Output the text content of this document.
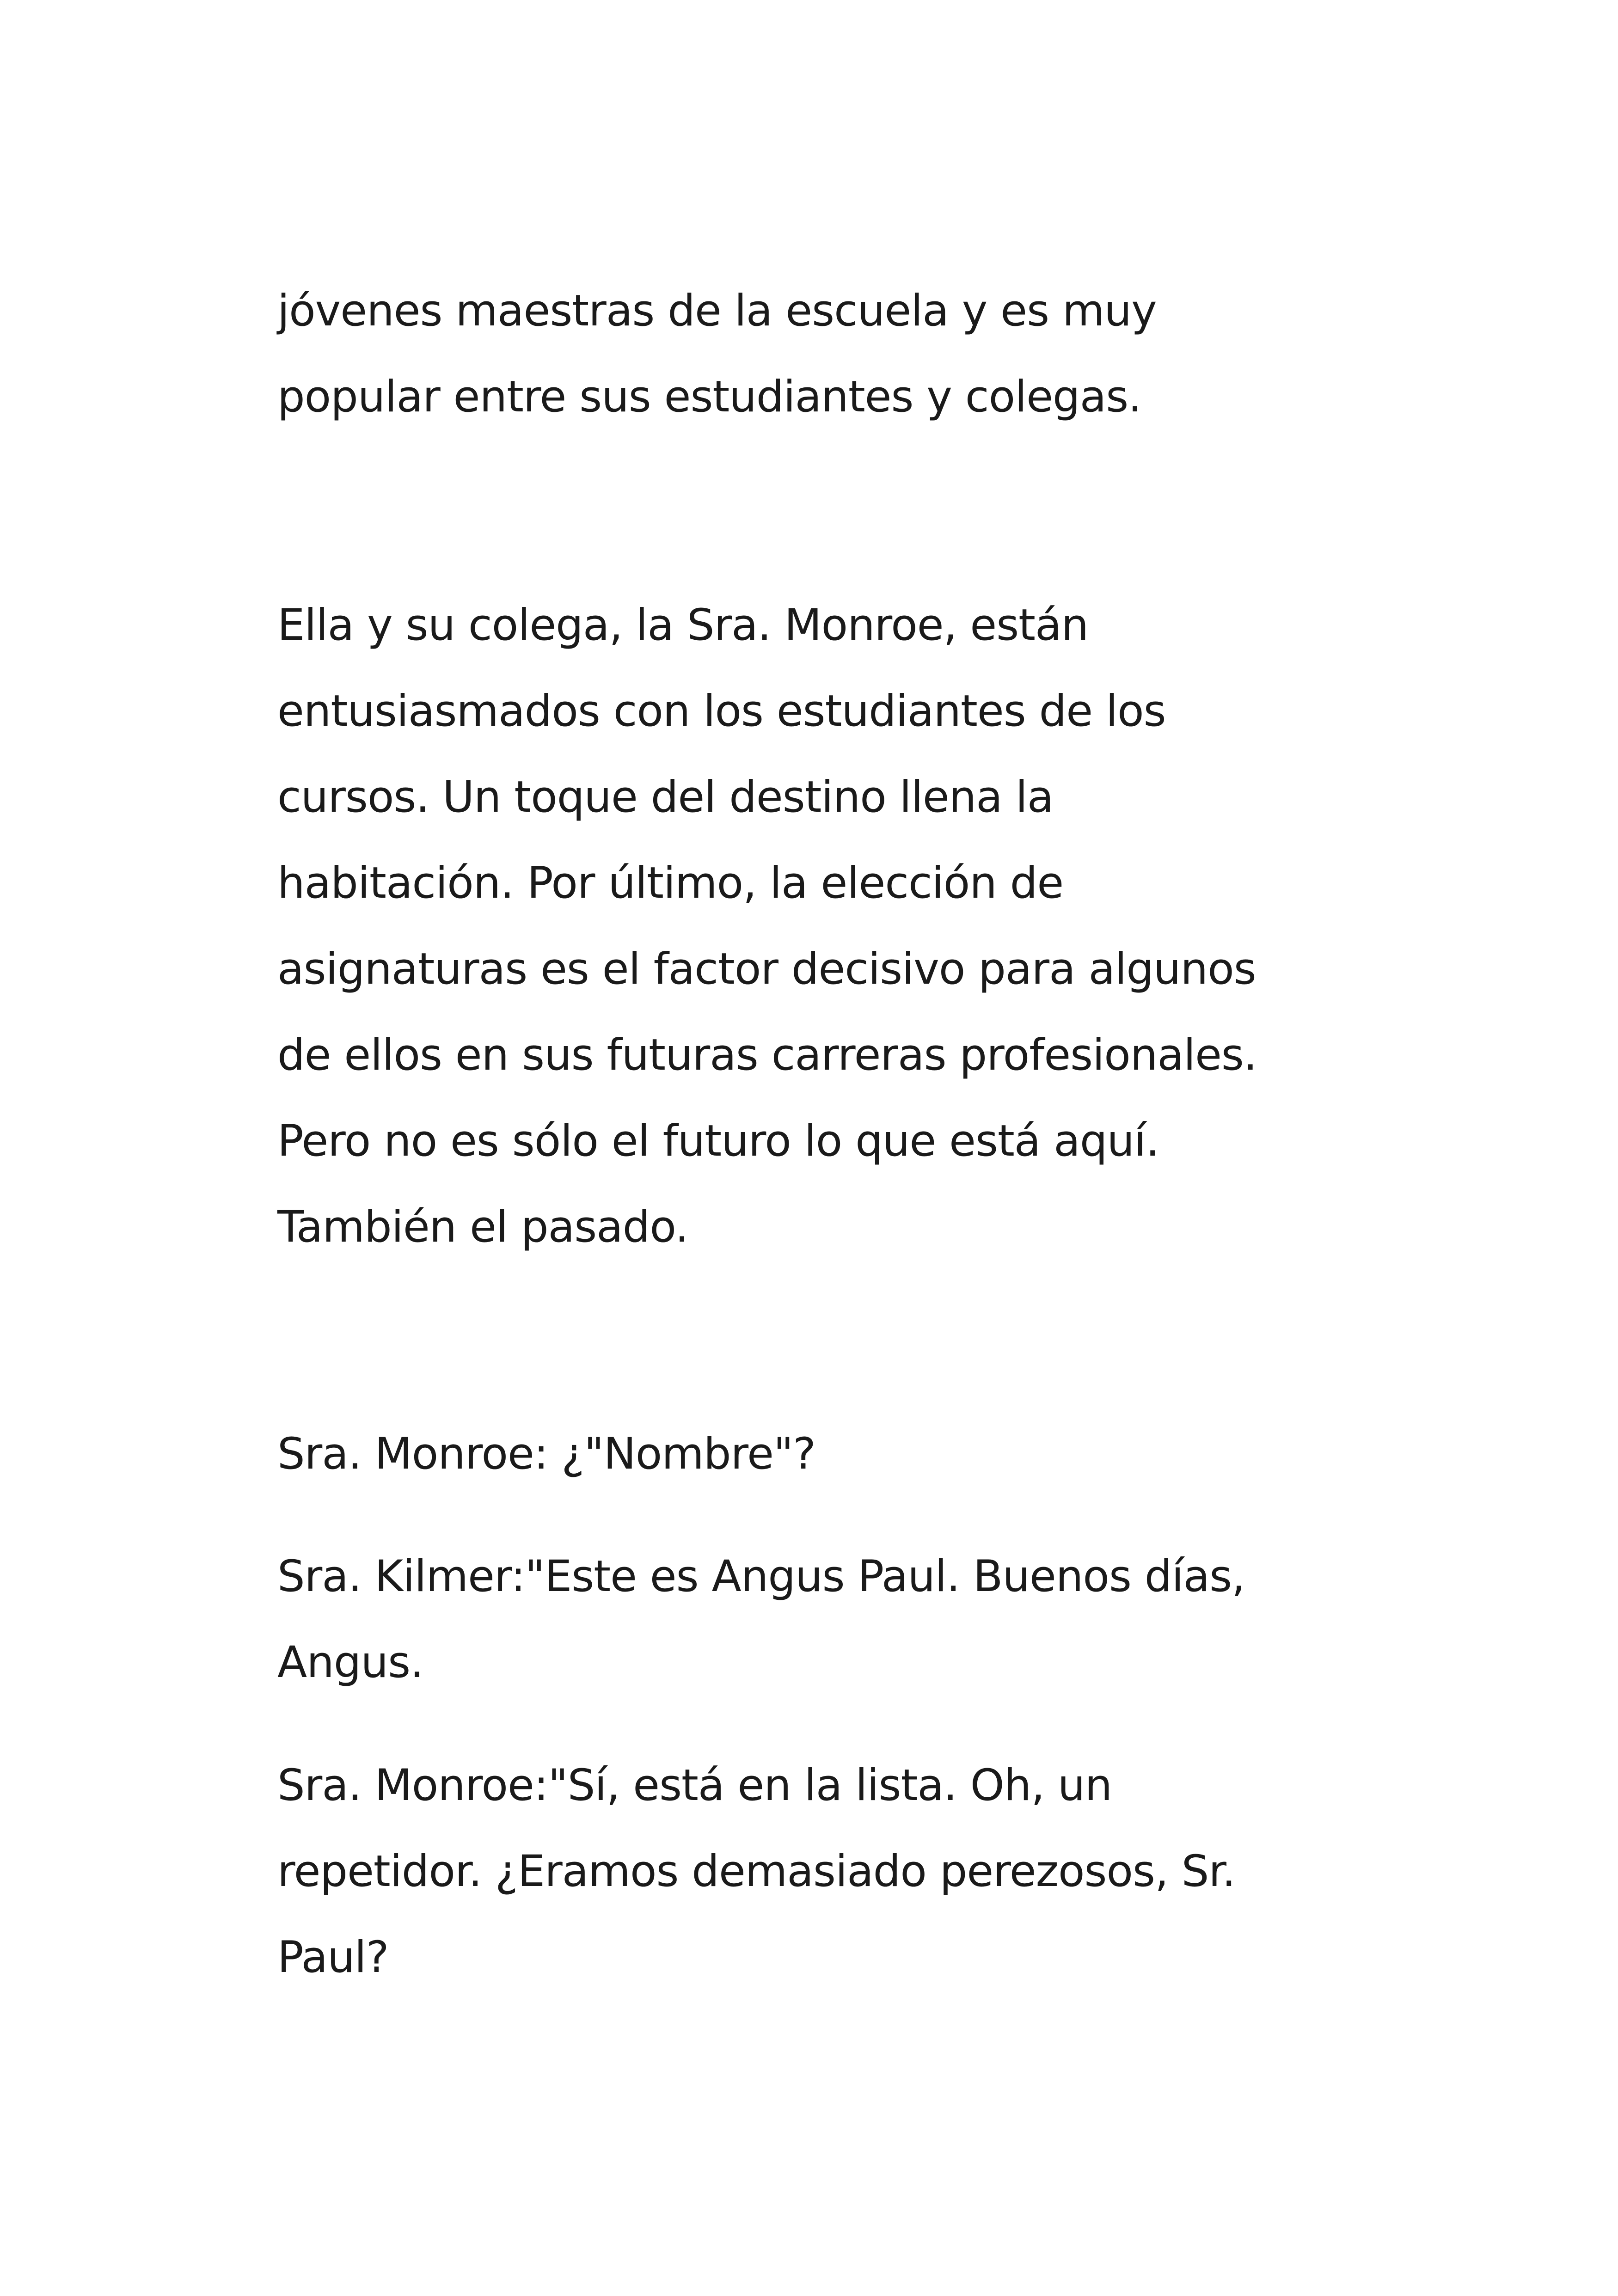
jóvenes maestras de la escuela y es muy
popular entre sus estudiantes y colegas.
Ella y su colega, la Sra. Monroe, están
entusiasmados con los estudiantes de los
cursos. Un toque del destino llena la
habitación. Por último, la elección de
asignaturas es el factor decisivo para algunos
de ellos en sus futuras carreras profesionales.
Pero no es sólo el futuro lo que está aquí.
También el pasado.
Sra. Monroe: ¿"Nombre"?
Sra. Kilmer:"Este es Angus Paul. Buenos días,
Angus.
Sra. Monroe:"Sí, está en la lista. Oh, un
repetidor. ¿Eramos demasiado perezosos, Sr.
Paul?
